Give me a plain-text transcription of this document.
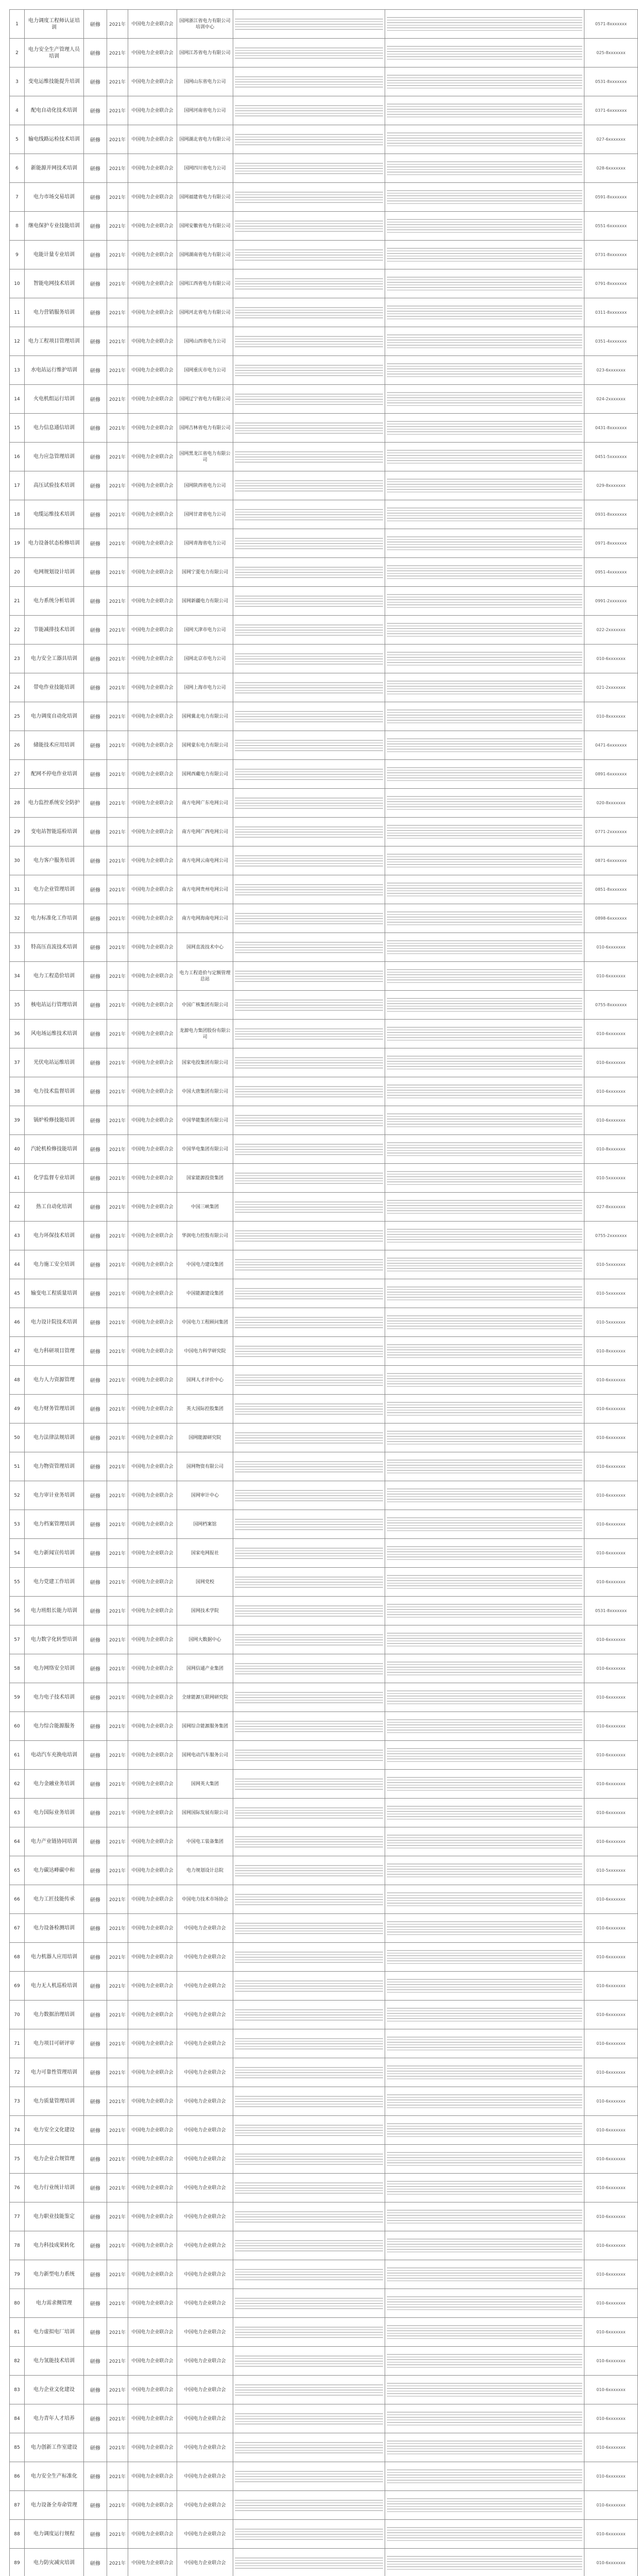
1	电力调度工程师认证培训	研修	2021年	中国电力企业联合会	国网浙江省电力有限公司培训中心			0571-8xxxxxxx
2	电力安全生产管理人员培训	研修	2021年	中国电力企业联合会	国网江苏省电力有限公司			025-8xxxxxxx
3	变电运维技能提升培训	研修	2021年	中国电力企业联合会	国网山东省电力公司			0531-8xxxxxxx
4	配电自动化技术培训	研修	2021年	中国电力企业联合会	国网河南省电力公司			0371-6xxxxxxx
5	输电线路运检技术培训	研修	2021年	中国电力企业联合会	国网湖北省电力有限公司			027-6xxxxxxx
6	新能源并网技术培训	研修	2021年	中国电力企业联合会	国网四川省电力公司			028-6xxxxxxx
7	电力市场交易培训	研修	2021年	中国电力企业联合会	国网福建省电力有限公司			0591-8xxxxxxx
8	继电保护专业技能培训	研修	2021年	中国电力企业联合会	国网安徽省电力有限公司			0551-6xxxxxxx
9	电能计量专业培训	研修	2021年	中国电力企业联合会	国网湖南省电力有限公司			0731-8xxxxxxx
10	智能电网技术培训	研修	2021年	中国电力企业联合会	国网江西省电力有限公司			0791-8xxxxxxx
11	电力营销服务培训	研修	2021年	中国电力企业联合会	国网河北省电力有限公司			0311-8xxxxxxx
12	电力工程项目管理培训	研修	2021年	中国电力企业联合会	国网山西省电力公司			0351-4xxxxxxx
13	水电站运行维护培训	研修	2021年	中国电力企业联合会	国网重庆市电力公司			023-6xxxxxxx
14	火电机组运行培训	研修	2021年	中国电力企业联合会	国网辽宁省电力有限公司			024-2xxxxxxx
15	电力信息通信培训	研修	2021年	中国电力企业联合会	国网吉林省电力有限公司			0431-8xxxxxxx
16	电力应急管理培训	研修	2021年	中国电力企业联合会	国网黑龙江省电力有限公司			0451-5xxxxxxx
17	高压试验技术培训	研修	2021年	中国电力企业联合会	国网陕西省电力公司			029-8xxxxxxx
18	电缆运维技术培训	研修	2021年	中国电力企业联合会	国网甘肃省电力公司			0931-8xxxxxxx
19	电力设备状态检修培训	研修	2021年	中国电力企业联合会	国网青海省电力公司			0971-8xxxxxxx
20	电网规划设计培训	研修	2021年	中国电力企业联合会	国网宁夏电力有限公司			0951-4xxxxxxx
21	电力系统分析培训	研修	2021年	中国电力企业联合会	国网新疆电力有限公司			0991-2xxxxxxx
22	节能减排技术培训	研修	2021年	中国电力企业联合会	国网天津市电力公司			022-2xxxxxxx
23	电力安全工器具培训	研修	2021年	中国电力企业联合会	国网北京市电力公司			010-6xxxxxxx
24	带电作业技能培训	研修	2021年	中国电力企业联合会	国网上海市电力公司			021-2xxxxxxx
25	电力调度自动化培训	研修	2021年	中国电力企业联合会	国网冀北电力有限公司			010-8xxxxxxx
26	储能技术应用培训	研修	2021年	中国电力企业联合会	国网蒙东电力有限公司			0471-6xxxxxxx
27	配网不停电作业培训	研修	2021年	中国电力企业联合会	国网西藏电力有限公司			0891-6xxxxxxx
28	电力监控系统安全防护	研修	2021年	中国电力企业联合会	南方电网广东电网公司			020-8xxxxxxx
29	变电站智能巡检培训	研修	2021年	中国电力企业联合会	南方电网广西电网公司			0771-2xxxxxxx
30	电力客户服务培训	研修	2021年	中国电力企业联合会	南方电网云南电网公司			0871-6xxxxxxx
31	电力企业管理培训	研修	2021年	中国电力企业联合会	南方电网贵州电网公司			0851-8xxxxxxx
32	电力标准化工作培训	研修	2021年	中国电力企业联合会	南方电网海南电网公司			0898-6xxxxxxx
33	特高压直流技术培训	研修	2021年	中国电力企业联合会	国网直流技术中心			010-6xxxxxxx
34	电力工程造价培训	研修	2021年	中国电力企业联合会	电力工程造价与定额管理总站			010-6xxxxxxx
35	核电站运行管理培训	研修	2021年	中国电力企业联合会	中国广核集团有限公司			0755-8xxxxxxx
36	风电场运维技术培训	研修	2021年	中国电力企业联合会	龙源电力集团股份有限公司			010-6xxxxxxx
37	光伏电站运维培训	研修	2021年	中国电力企业联合会	国家电投集团有限公司			010-6xxxxxxx
38	电力技术监督培训	研修	2021年	中国电力企业联合会	中国大唐集团有限公司			010-6xxxxxxx
39	锅炉检修技能培训	研修	2021年	中国电力企业联合会	中国华能集团有限公司			010-6xxxxxxx
40	汽轮机检修技能培训	研修	2021年	中国电力企业联合会	中国华电集团有限公司			010-8xxxxxxx
41	化学监督专业培训	研修	2021年	中国电力企业联合会	国家能源投资集团			010-5xxxxxxx
42	热工自动化培训	研修	2021年	中国电力企业联合会	中国三峡集团			027-8xxxxxxx
43	电力环保技术培训	研修	2021年	中国电力企业联合会	华润电力控股有限公司			0755-2xxxxxxx
44	电力施工安全培训	研修	2021年	中国电力企业联合会	中国电力建设集团			010-5xxxxxxx
45	输变电工程质量培训	研修	2021年	中国电力企业联合会	中国能源建设集团			010-5xxxxxxx
46	电力设计院技术培训	研修	2021年	中国电力企业联合会	中国电力工程顾问集团			010-5xxxxxxx
47	电力科研项目管理	研修	2021年	中国电力企业联合会	中国电力科学研究院			010-8xxxxxxx
48	电力人力资源管理	研修	2021年	中国电力企业联合会	国网人才评价中心			010-6xxxxxxx
49	电力财务管理培训	研修	2021年	中国电力企业联合会	英大国际控股集团			010-6xxxxxxx
50	电力法律法规培训	研修	2021年	中国电力企业联合会	国网能源研究院			010-6xxxxxxx
51	电力物资管理培训	研修	2021年	中国电力企业联合会	国网物资有限公司			010-6xxxxxxx
52	电力审计业务培训	研修	2021年	中国电力企业联合会	国网审计中心			010-6xxxxxxx
53	电力档案管理培训	研修	2021年	中国电力企业联合会	国网档案馆			010-6xxxxxxx
54	电力新闻宣传培训	研修	2021年	中国电力企业联合会	国家电网报社			010-6xxxxxxx
55	电力党建工作培训	研修	2021年	中国电力企业联合会	国网党校			010-6xxxxxxx
56	电力班组长能力培训	研修	2021年	中国电力企业联合会	国网技术学院			0531-8xxxxxxx
57	电力数字化转型培训	研修	2021年	中国电力企业联合会	国网大数据中心			010-6xxxxxxx
58	电力网络安全培训	研修	2021年	中国电力企业联合会	国网信通产业集团			010-6xxxxxxx
59	电力电子技术培训	研修	2021年	中国电力企业联合会	全球能源互联网研究院			010-6xxxxxxx
60	电力综合能源服务	研修	2021年	中国电力企业联合会	国网综合能源服务集团			010-6xxxxxxx
61	电动汽车充换电培训	研修	2021年	中国电力企业联合会	国网电动汽车服务公司			010-6xxxxxxx
62	电力金融业务培训	研修	2021年	中国电力企业联合会	国网英大集团			010-6xxxxxxx
63	电力国际业务培训	研修	2021年	中国电力企业联合会	国网国际发展有限公司			010-6xxxxxxx
64	电力产业链协同培训	研修	2021年	中国电力企业联合会	中国电工装备集团			010-6xxxxxxx
65	电力碳达峰碳中和	研修	2021年	中国电力企业联合会	电力规划设计总院			010-5xxxxxxx
66	电力工匠技能传承	研修	2021年	中国电力企业联合会	中国电力技术市场协会			010-6xxxxxxx
67	电力设备检测培训	研修	2021年	中国电力企业联合会	中国电力企业联合会			010-6xxxxxxx
68	电力机器人应用培训	研修	2021年	中国电力企业联合会	中国电力企业联合会			010-6xxxxxxx
69	电力无人机巡检培训	研修	2021年	中国电力企业联合会	中国电力企业联合会			010-6xxxxxxx
70	电力数据治理培训	研修	2021年	中国电力企业联合会	中国电力企业联合会			010-6xxxxxxx
71	电力项目可研评审	研修	2021年	中国电力企业联合会	中国电力企业联合会			010-6xxxxxxx
72	电力可靠性管理培训	研修	2021年	中国电力企业联合会	中国电力企业联合会			010-6xxxxxxx
73	电力质量管理培训	研修	2021年	中国电力企业联合会	中国电力企业联合会			010-6xxxxxxx
74	电力安全文化建设	研修	2021年	中国电力企业联合会	中国电力企业联合会			010-6xxxxxxx
75	电力企业合规管理	研修	2021年	中国电力企业联合会	中国电力企业联合会			010-6xxxxxxx
76	电力行业统计培训	研修	2021年	中国电力企业联合会	中国电力企业联合会			010-6xxxxxxx
77	电力职业技能鉴定	研修	2021年	中国电力企业联合会	中国电力企业联合会			010-6xxxxxxx
78	电力科技成果转化	研修	2021年	中国电力企业联合会	中国电力企业联合会			010-6xxxxxxx
79	电力新型电力系统	研修	2021年	中国电力企业联合会	中国电力企业联合会			010-6xxxxxxx
80	电力需求侧管理	研修	2021年	中国电力企业联合会	中国电力企业联合会			010-6xxxxxxx
81	电力虚拟电厂培训	研修	2021年	中国电力企业联合会	中国电力企业联合会			010-6xxxxxxx
82	电力氢能技术培训	研修	2021年	中国电力企业联合会	中国电力企业联合会			010-6xxxxxxx
83	电力企业文化建设	研修	2021年	中国电力企业联合会	中国电力企业联合会			010-6xxxxxxx
84	电力青年人才培养	研修	2021年	中国电力企业联合会	中国电力企业联合会			010-6xxxxxxx
85	电力创新工作室建设	研修	2021年	中国电力企业联合会	中国电力企业联合会			010-6xxxxxxx
86	电力安全生产标准化	研修	2021年	中国电力企业联合会	中国电力企业联合会			010-6xxxxxxx
87	电力设备全寿命管理	研修	2021年	中国电力企业联合会	中国电力企业联合会			010-6xxxxxxx
88	电力调度运行规程	研修	2021年	中国电力企业联合会	中国电力企业联合会			010-6xxxxxxx
89	电力防灾减灾培训	研修	2021年	中国电力企业联合会	中国电力企业联合会			010-6xxxxxxx
